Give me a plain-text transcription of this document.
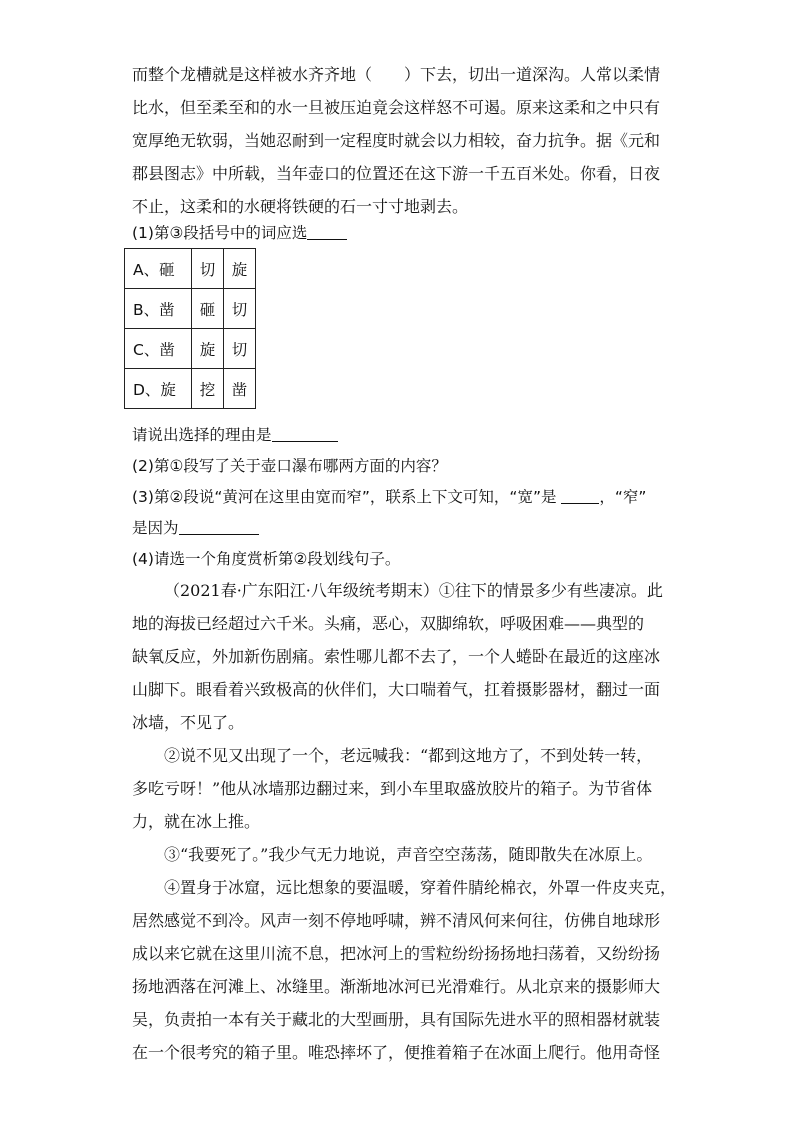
而整个龙槽就是这样被水齐齐地（　　）下去，切出一道深沟。人常以柔情
比水，但至柔至和的水一旦被压迫竟会这样怒不可遏。原来这柔和之中只有
宽厚绝无软弱，当她忍耐到一定程度时就会以力相较，奋力抗争。据《元和
郡县图志》中所载，当年壶口的位置还在这下游一千五百米处。你看，日夜
不止，这柔和的水硬将铁硬的石一寸寸地剥去。
(1)第③段括号中的词应选
A、砸	切	旋
B、凿	砸	切
C、凿	旋	切
D、旋	挖	凿
请说出选择的理由是
(2)第①段写了关于壶口瀑布哪两方面的内容？
(3)第②段说“黄河在这里由宽而窄”，联系上下文可知，“宽”是 ，“窄”
是因为
(4)请选一个角度赏析第②段划线句子。
（2021春·广东阳江·八年级统考期末）①往下的情景多少有些凄凉。此
地的海拔已经超过六千米。头痛，恶心，双脚绵软，呼吸困难——典型的
缺氧反应，外加新伤剧痛。索性哪儿都不去了，一个人蜷卧在最近的这座冰
山脚下。眼看着兴致极高的伙伴们，大口喘着气，扛着摄影器材，翻过一面
冰墙，不见了。
②说不见又出现了一个，老远喊我：“都到这地方了，不到处转一转，
多吃亏呀！”他从冰墙那边翻过来，到小车里取盛放胶片的箱子。为节省体
力，就在冰上推。
③“我要死了。”我少气无力地说，声音空空荡荡，随即散失在冰原上。
④置身于冰窟，远比想象的要温暖，穿着件腈纶棉衣，外罩一件皮夹克，
居然感觉不到冷。风声一刻不停地呼啸，辨不清风何来何往，仿佛自地球形
成以来它就在这里川流不息，把冰河上的雪粒纷纷扬扬地扫荡着，又纷纷扬
扬地洒落在河滩上、冰缝里。渐渐地冰河已光滑难行。从北京来的摄影师大
吴，负责拍一本有关于藏北的大型画册，具有国际先进水平的照相器材就装
在一个很考究的箱子里。唯恐摔坏了，便推着箱子在冰面上爬行。他用奇怪
